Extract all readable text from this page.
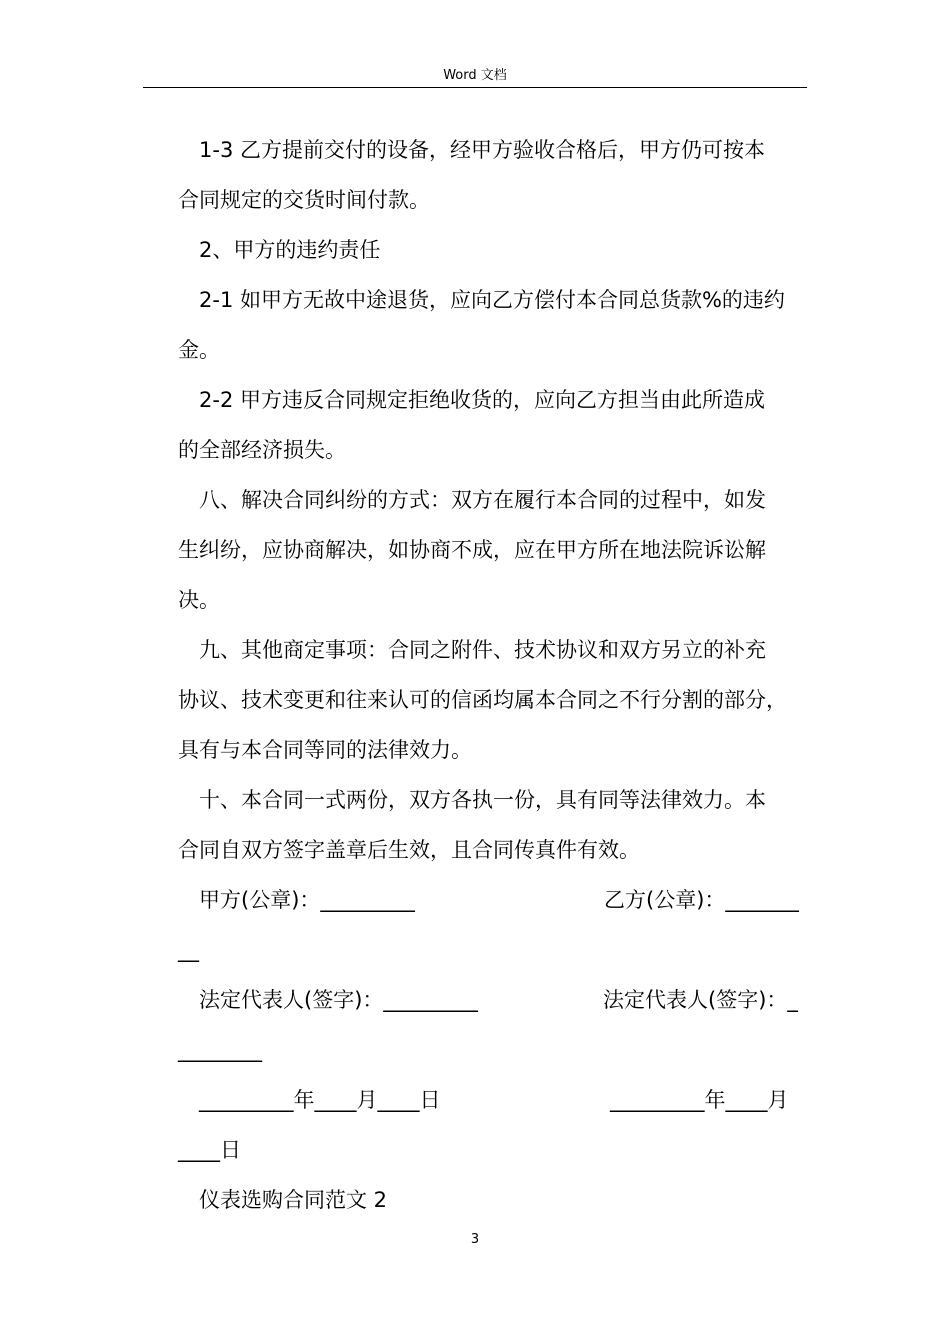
Word 文档
1-3 乙方提前交付的设备，经甲方验收合格后，甲方仍可按本
合同规定的交货时间付款。
2、甲方的违约责任
2-1 如甲方无故中途退货，应向乙方偿付本合同总货款%的违约
金。
2-2 甲方违反合同规定拒绝收货的，应向乙方担当由此所造成
的全部经济损失。
八、解决合同纠纷的方式：双方在履行本合同的过程中，如发
生纠纷，应协商解决，如协商不成，应在甲方所在地法院诉讼解
决。
九、其他商定事项：合同之附件、技术协议和双方另立的补充
协议、技术变更和往来认可的信函均属本合同之不行分割的部分，
具有与本合同等同的法律效力。
十、本合同一式两份，双方各执一份，具有同等法律效力。本
合同自双方签字盖章后生效，且合同传真件有效。
甲方(公章)：_________	乙方(公章)：_______
__
法定代表人(签字)：_________	法定代表人(签字)：_
________
_________年____月____日	_________年____月
____日
仪表选购合同范文 2
3
